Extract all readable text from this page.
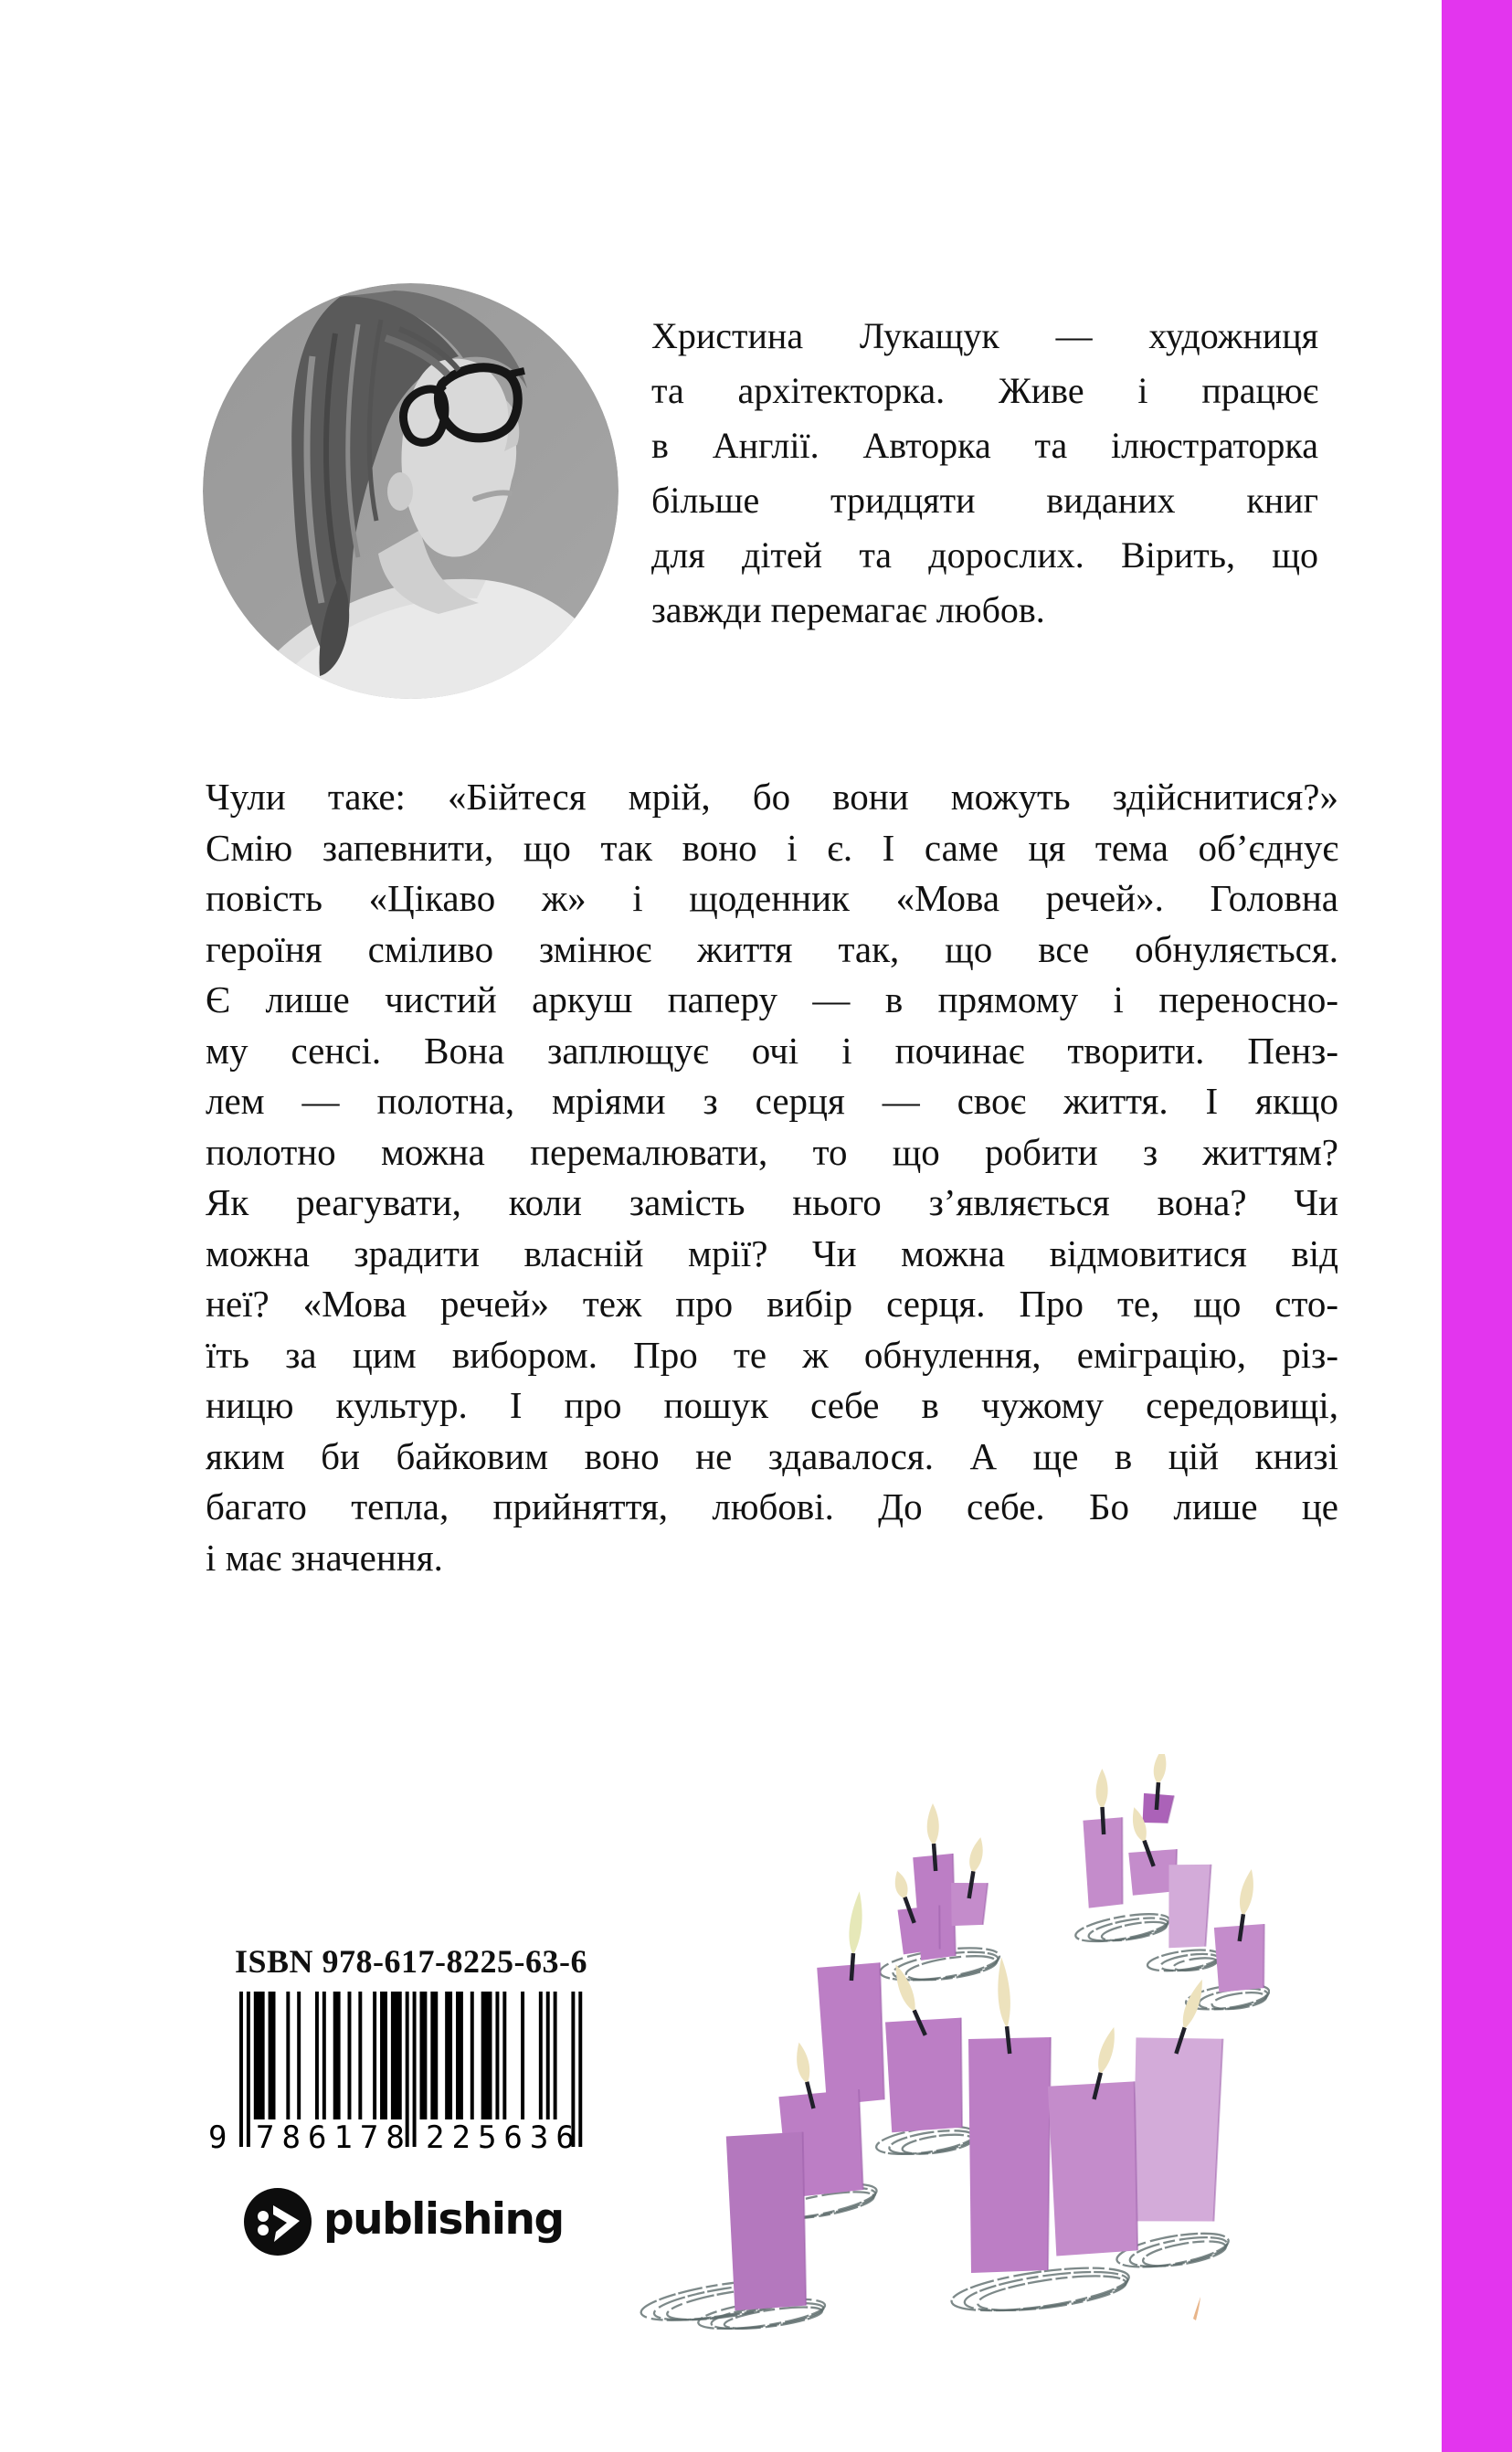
Христина Лукащук — художниця
та архітекторка. Живе і працює
в Англії. Авторка та ілюстраторка
більше тридцяти виданих книг
для дітей та дорослих. Вірить, що
завжди перемагає любов.
Чули таке: «Бійтеся мрій, бо вони можуть здійснитися?»
Смію запевнити, що так воно і є. І саме ця тема об’єднує
повість «Цікаво ж» і щоденник «Мова речей». Головна
героїня сміливо змінює життя так, що все обнуляється.
Є лише чистий аркуш паперу — в прямому і переносно-
му сенсі. Вона заплющує очі і починає творити. Пенз-
лем — полотна, мріями з серця — своє життя. І якщо
полотно можна перемалювати, то що робити з життям?
Як реагувати, коли замість нього з’являється вона? Чи
можна зрадити власній мрії? Чи можна відмовитися від
неї? «Мова речей» теж про вибір серця. Про те, що сто-
їть за цим вибором. Про те ж обнулення, еміграцію, різ-
ницю культур. І про пошук себе в чужому середовищі,
яким би байковим воно не здавалося. А ще в цій книзі
багато тепла, прийняття, любові. До себе. Бо лише це
і має значення.
ISBN 978-617-8225-63-6
9 786178 225636
publishing
